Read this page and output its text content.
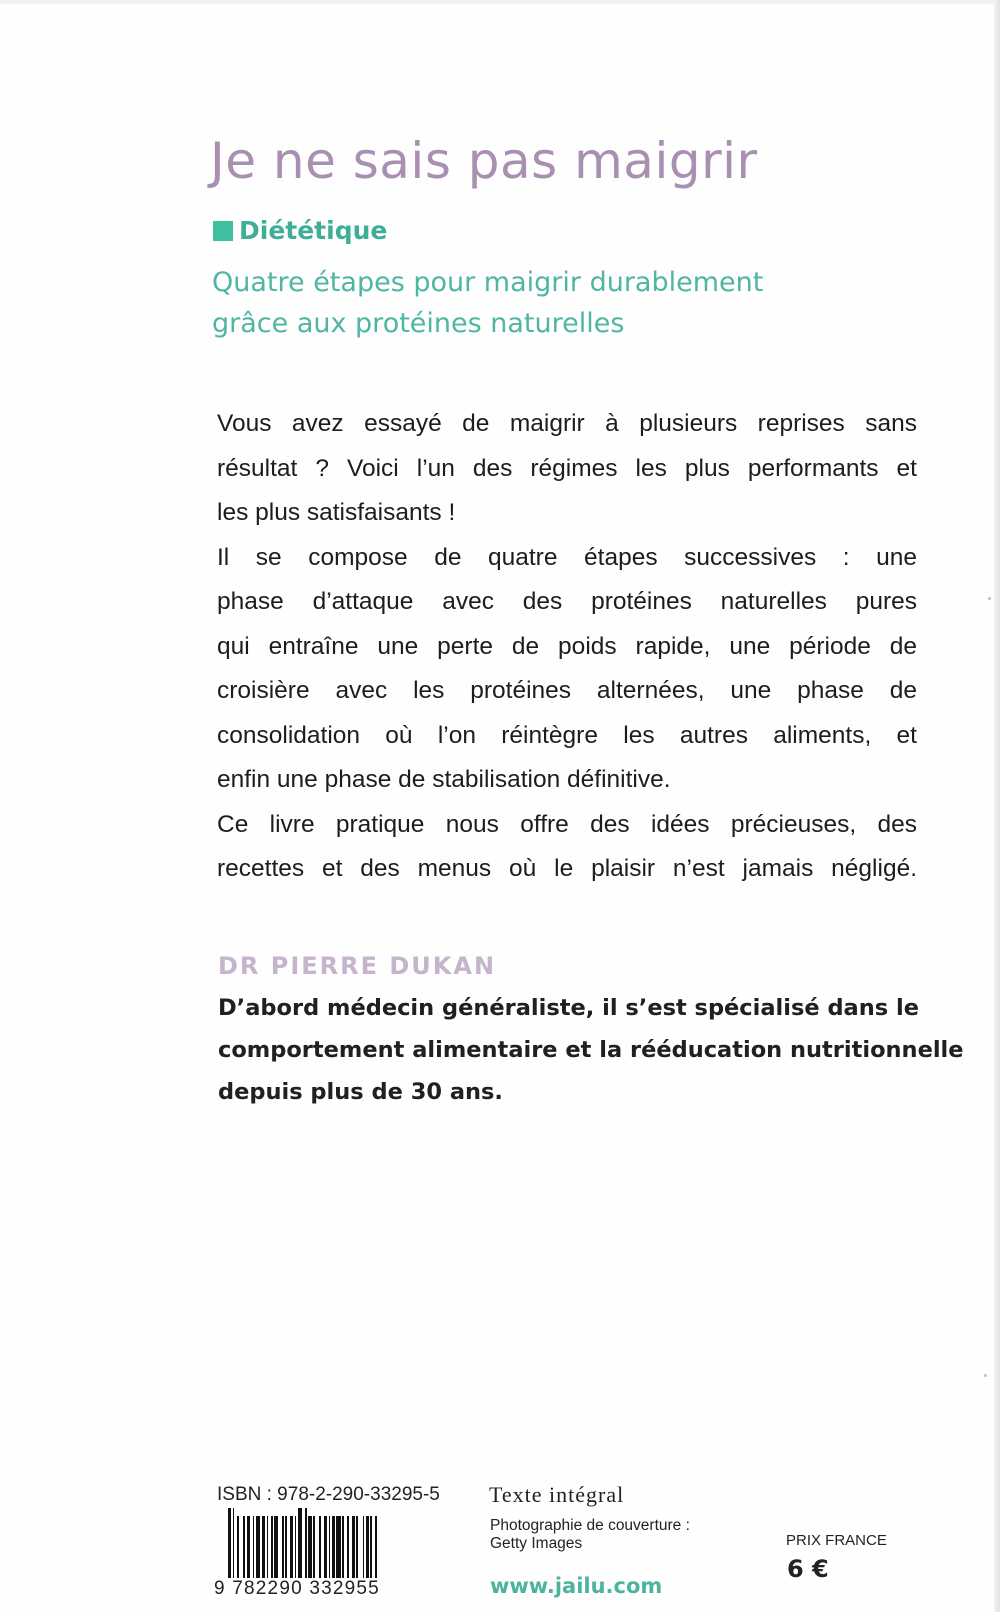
Je ne sais pas maigrir
Diététique
Quatre étapes pour maigrir durablement
grâce aux protéines naturelles
Vous avez essayé de maigrir à plusieurs reprises sans
résultat ? Voici l’un des régimes les plus performants et
les plus satisfaisants !
Il se compose de quatre étapes successives : une
phase d’attaque avec des protéines naturelles pures
qui entraîne une perte de poids rapide, une période de
croisière avec les protéines alternées, une phase de
consolidation où l’on réintègre les autres aliments, et
enfin une phase de stabilisation définitive.
Ce livre pratique nous offre des idées précieuses, des
recettes et des menus où le plaisir n’est jamais négligé.
DR PIERRE DUKAN
D’abord médecin généraliste, il s’est spécialisé dans le
comportement alimentaire et la rééducation nutritionnelle
depuis plus de 30 ans.
ISBN : 978-2-290-33295-5
9 782290 332955
Texte intégral
Photographie de couverture :
Getty Images
www.jailu.com
PRIX FRANCE
6 €
